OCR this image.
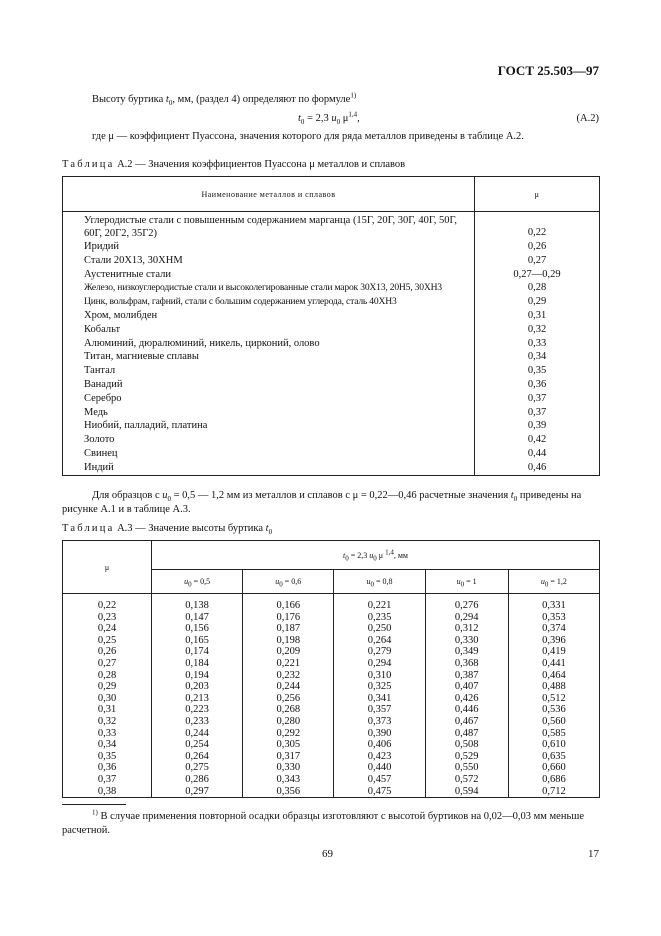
ГОСТ 25.503—97
Высоту буртика $t_0$, мм, (раздел 4) определяют по формуле$^{1)}$
$t_0 = 2,3$ $u_0$ $\mu^{1,4}$,	(А.2)
где μ — коэффициент Пуассона, значения которого для ряда металлов приведены в таблице А.2.
Таблица А.2 — Значения коэффициентов Пуассона μ металлов и сплавов
Наименование металлов и сплавов	μ
Углеродистые стали с повышенным содержанием марганца (15Г, 20Г, 30Г, 40Г, 50Г, 60Г, 20Г2, 35Г2)	0,22
Иридий	0,26
Стали 20Х13, 30ХНМ	0,27
Аустенитные стали	0,27—0,29
Железо, низкоуглеродистые стали и высоколегированные стали марок 30Х13, 20Н5, 30ХН3	0,28
Цинк, вольфрам, гафний, стали с большим содержанием углерода, сталь 40ХН3	0,29
Хром, молибден	0,31
Кобальт	0,32
Алюминий, дюралюминий, никель, цирконий, олово	0,33
Титан, магниевые сплавы	0,34
Тантал	0,35
Ванадий	0,36
Серебро	0,37
Медь	0,37
Ниобий, палладий, платина	0,39
Золото	0,42
Свинец	0,44
Индий	0,46
Для образцов с $u_0 = 0,5$ — 1,2 мм из металлов и сплавов с μ = 0,22—0,46 расчетные значения $t_0$ приведены на рисунке А.1 и в таблице А.3.
Таблица А.3 — Значение высоты буртика $t_0$
μ	$t_0 = 2,3$ $u_0$ μ $^{1,4}$, мм				
	$u_0 = 0,5$	$u_0 = 0,6$	$u_0 = 0,8$	$u_0 = 1$	$u_0 = 1,2$

0,22	0,138	0,166	0,221	0,276	0,331
0,23	0,147	0,176	0,235	0,294	0,353
0,24	0,156	0,187	0,250	0,312	0,374
0,25	0,165	0,198	0,264	0,330	0,396
0,26	0,174	0,209	0,279	0,349	0,419
0,27	0,184	0,221	0,294	0,368	0,441
0,28	0,194	0,232	0,310	0,387	0,464
0,29	0,203	0,244	0,325	0,407	0,488
0,30	0,213	0,256	0,341	0,426	0,512
0,31	0,223	0,268	0,357	0,446	0,536
0,32	0,233	0,280	0,373	0,467	0,560
0,33	0,244	0,292	0,390	0,487	0,585
0,34	0,254	0,305	0,406	0,508	0,610
0,35	0,264	0,317	0,423	0,529	0,635
0,36	0,275	0,330	0,440	0,550	0,660
0,37	0,286	0,343	0,457	0,572	0,686
0,38	0,297	0,356	0,475	0,594	0,712
$^{1)}$ В случае применения повторной осадки образцы изготовляют с высотой буртиков на 0,02—0,03 мм меньше расчетной.
69	17
